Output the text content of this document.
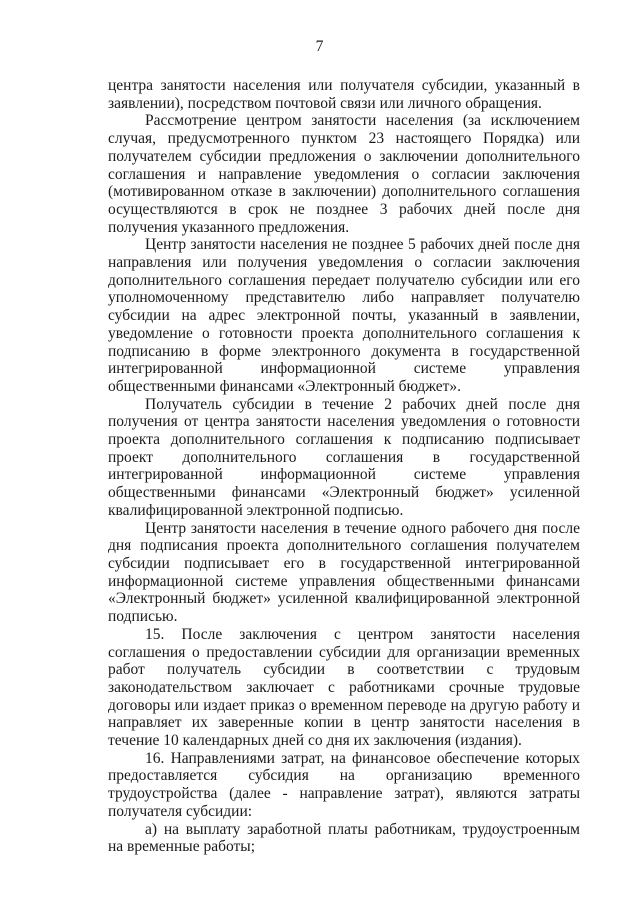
7

центра занятости населения или получателя субсидии, указанный в заявлении), посредством почтовой связи или личного обращения.

Рассмотрение центром занятости населения (за исключением случая, предусмотренного пунктом 23 настоящего Порядка) или получателем субсидии предложения о заключении дополнительного соглашения и направление уведомления о согласии заключения (мотивированном отказе в заключении) дополнительного соглашения осуществляются в срок не позднее 3 рабочих дней после дня получения указанного предложения.

Центр занятости населения не позднее 5 рабочих дней после дня направления или получения уведомления о согласии заключения дополнительного соглашения передает получателю субсидии или его уполномоченному представителю либо направляет получателю субсидии на адрес электронной почты, указанный в заявлении, уведомление о готовности проекта дополнительного соглашения к подписанию в форме электронного документа в государственной интегрированной информационной системе управления общественными финансами «Электронный бюджет».

Получатель субсидии в течение 2 рабочих дней после дня получения от центра занятости населения уведомления о готовности проекта дополнительного соглашения к подписанию подписывает проект дополнительного соглашения в государственной интегрированной информационной системе управления общественными финансами «Электронный бюджет» усиленной квалифицированной электронной подписью.

Центр занятости населения в течение одного рабочего дня после дня подписания проекта дополнительного соглашения получателем субсидии подписывает его в государственной интегрированной информационной системе управления общественными финансами «Электронный бюджет» усиленной квалифицированной электронной подписью.

15. После заключения с центром занятости населения соглашения о предоставлении субсидии для организации временных работ получатель субсидии в соответствии с трудовым законодательством заключает с работниками срочные трудовые договоры или издает приказ о временном переводе на другую работу и направляет их заверенные копии в центр занятости населения в течение 10 календарных дней со дня их заключения (издания).

16. Направлениями затрат, на финансовое обеспечение которых предоставляется субсидия на организацию временного трудоустройства (далее - направление затрат), являются затраты получателя субсидии:

а) на выплату заработной платы работникам, трудоустроенным на временные работы;
